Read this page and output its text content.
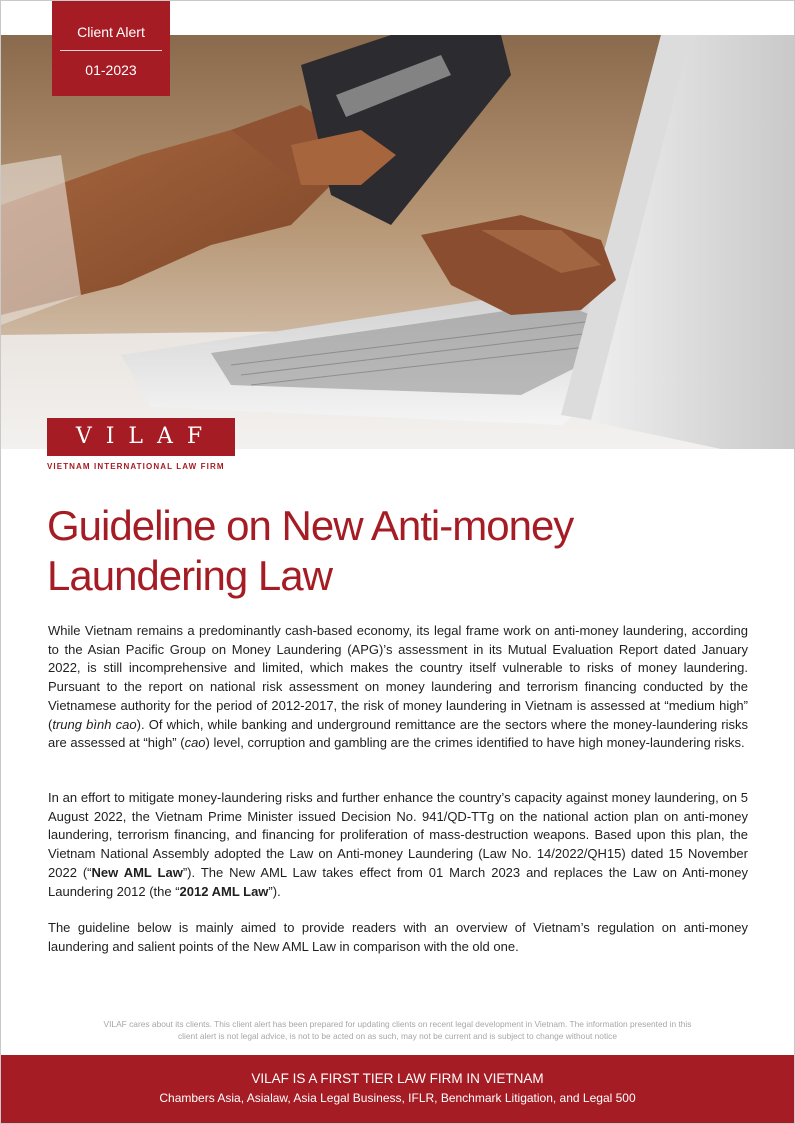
Client Alert
01-2023
VILAF
VIETNAM INTERNATIONAL LAW FIRM
Guideline on New Anti-money
Laundering Law

While Vietnam remains a predominantly cash-based economy, its legal frame work on anti-money laundering, according to the Asian Pacific Group on Money Laundering (APG)’s assessment in its Mutual Evaluation Report dated January 2022, is still incomprehensive and limited, which makes the country itself vulnerable to risks of money laundering. Pursuant to the report on national risk assessment on money laundering and terrorism financing conducted by the Vietnamese authority for the period of 2012-2017, the risk of money laundering in Vietnam is assessed at “medium high” (trung bình cao). Of which, while banking and underground remittance are the sectors where the money-laundering risks are assessed at “high” (cao) level, corruption and gambling are the crimes identified to have high money-laundering risks.

In an effort to mitigate money-laundering risks and further enhance the country’s capacity against money laundering, on 5 August 2022, the Vietnam Prime Minister issued Decision No. 941/QD-TTg on the national action plan on anti-money laundering, terrorism financing, and financing for proliferation of mass-destruction weapons. Based upon this plan, the Vietnam National Assembly adopted the Law on Anti-money Laundering (Law No. 14/2022/QH15) dated 15 November 2022 (“New AML Law”). The New AML Law takes effect from 01 March 2023 and replaces the Law on Anti-money Laundering 2012 (the “2012 AML Law”).

The guideline below is mainly aimed to provide readers with an overview of Vietnam’s regulation on anti-money laundering and salient points of the New AML Law in comparison with the old one.

VILAF cares about its clients. This client alert has been prepared for updating clients on recent legal development in Vietnam. The information presented in this
client alert is not legal advice, is not to be acted on as such, may not be current and is subject to change without notice
VILAF IS A FIRST TIER LAW FIRM IN VIETNAM
Chambers Asia, Asialaw, Asia Legal Business, IFLR, Benchmark Litigation, and Legal 500
